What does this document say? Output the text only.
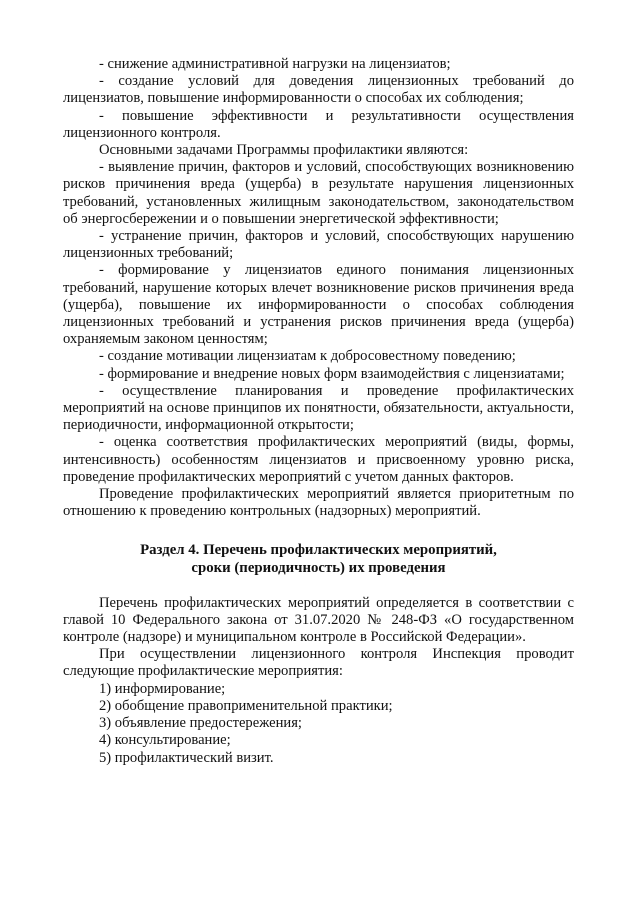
- снижение административной нагрузки на лицензиатов;

- создание условий для доведения лицензионных требований до лицензиатов, повышение информированности о способах их соблюдения;

- повышение эффективности и результативности осуществления лицензионного контроля.

Основными задачами Программы профилактики являются:

- выявление причин, факторов и условий, способствующих возникновению рисков причинения вреда (ущерба) в результате нарушения лицензионных требований, установленных жилищным законодательством, законодательством об энергосбережении и о повышении энергетической эффективности;

- устранение причин, факторов и условий, способствующих нарушению лицензионных требований;

- формирование у лицензиатов единого понимания лицензионных требований, нарушение которых влечет возникновение рисков причинения вреда (ущерба), повышение их информированности о способах соблюдения лицензионных требований и устранения рисков причинения вреда (ущерба) охраняемым законом ценностям;

- создание мотивации лицензиатам к добросовестному поведению;

- формирование и внедрение новых форм взаимодействия с лицензиатами;

- осуществление планирования и проведение профилактических мероприятий на основе принципов их понятности, обязательности, актуальности, периодичности, информационной открытости;

- оценка соответствия профилактических мероприятий (виды, формы, интенсивность) особенностям лицензиатов и присвоенному уровню риска, проведение профилактических мероприятий с учетом данных факторов.

Проведение профилактических мероприятий является приоритетным по отношению к проведению контрольных (надзорных) мероприятий.

Раздел 4. Перечень профилактических мероприятий,
сроки (периодичность) их проведения

Перечень профилактических мероприятий определяется в соответствии с главой 10 Федерального закона от 31.07.2020 № 248-ФЗ «О государственном контроле (надзоре) и муниципальном контроле в Российской Федерации».

При осуществлении лицензионного контроля Инспекция проводит следующие профилактические мероприятия:

1) информирование;

2) обобщение правоприменительной практики;

3) объявление предостережения;

4) консультирование;

5) профилактический визит.
